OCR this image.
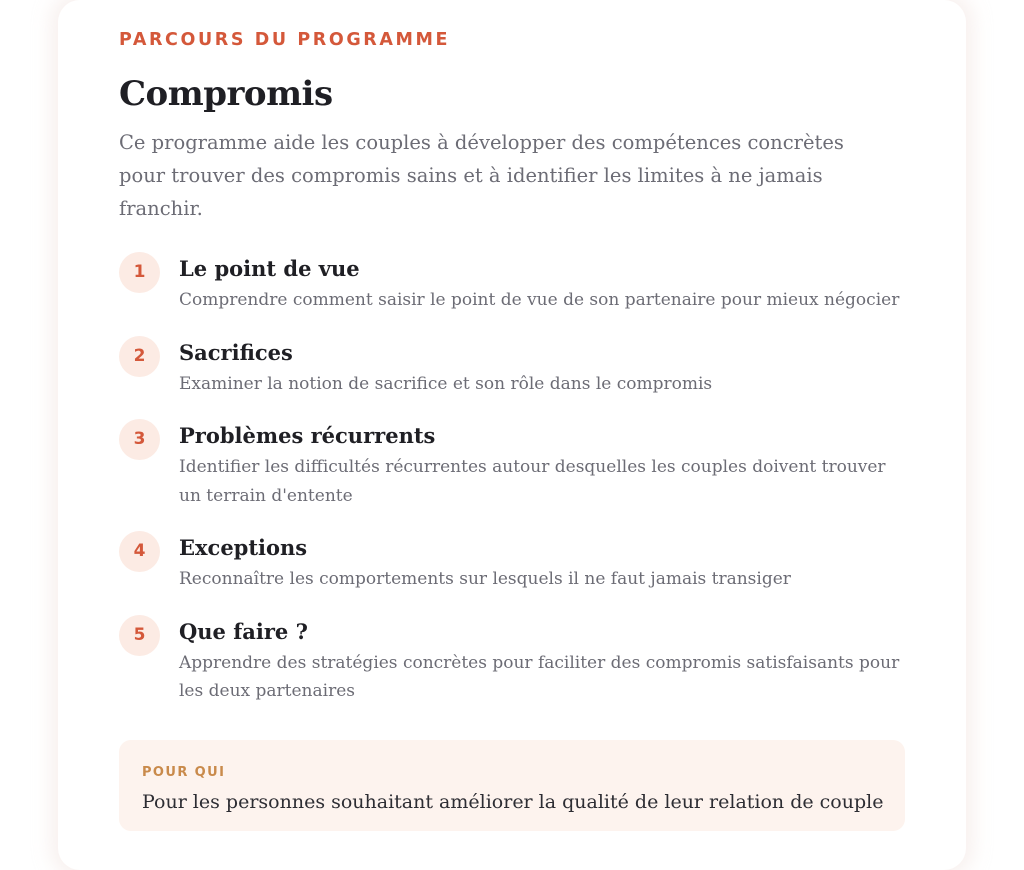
PARCOURS DU PROGRAMME
Compromis

Ce programme aide les couples à développer des compétences concrètes pour trouver des compromis sains et à identifier les limites à ne jamais franchir.

1	Le point de vue
Comprendre comment saisir le point de vue de son partenaire pour mieux négocier
2	Sacrifices
Examiner la notion de sacrifice et son rôle dans le compromis
3	Problèmes récurrents
Identifier les difficultés récurrentes autour desquelles les couples doivent trouver un terrain d'entente
4	Exceptions
Reconnaître les comportements sur lesquels il ne faut jamais transiger
5	Que faire ?
Apprendre des stratégies concrètes pour faciliter des compromis satisfaisants pour les deux partenaires
POUR QUI
Pour les personnes souhaitant améliorer la qualité de leur relation de couple
